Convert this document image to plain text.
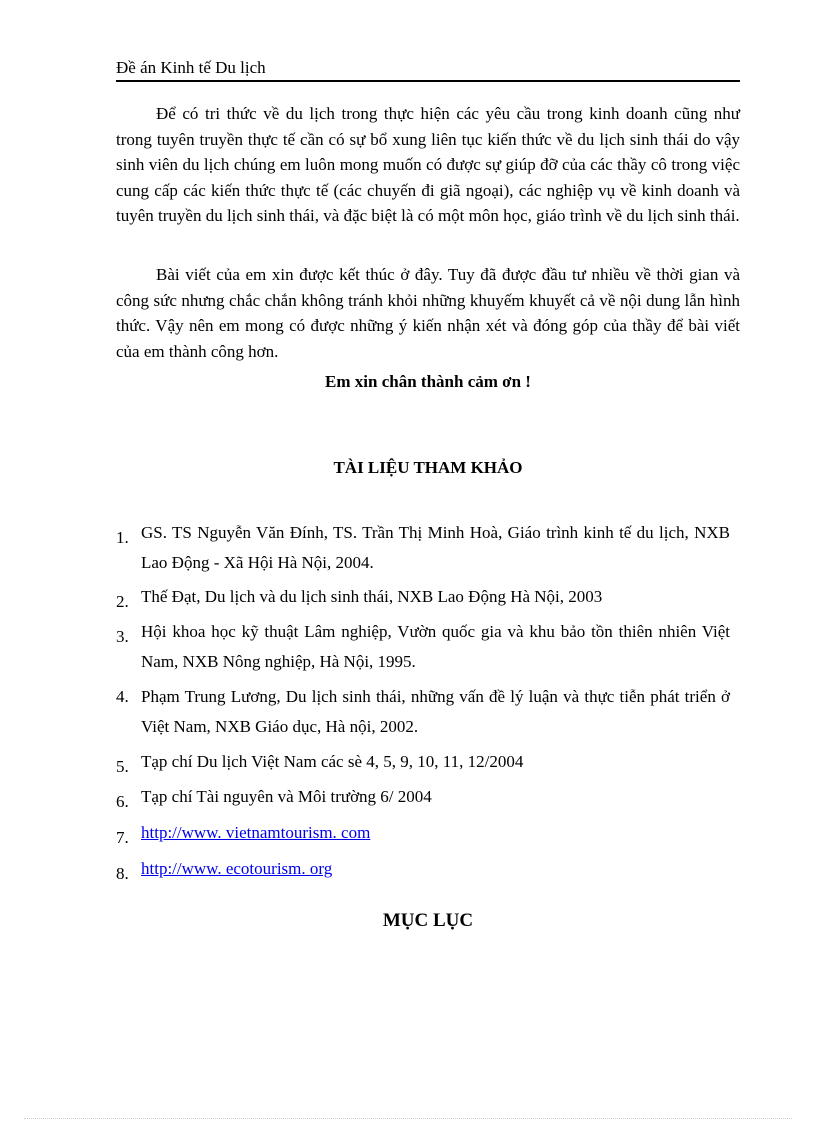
Đề án Kinh tế Du lịch

Để có tri thức về du lịch trong thực hiện các yêu cầu trong kinh doanh cũng như trong tuyên truyền thực tế cần có sự bổ xung liên tục kiến thức về du lịch sinh thái do vậy sinh viên du lịch chúng em luôn mong muốn có được sự giúp đỡ của các thầy cô trong việc cung cấp các kiến thức thực tế (các chuyến đi giã ngoại), các nghiệp vụ về kinh doanh và tuyên truyền du lịch sinh thái, và đặc biệt là có một môn học, giáo trình về du lịch sinh thái.

Bài viết của em xin được kết thúc ở đây. Tuy đã được đầu tư nhiều về thời gian và công sức nhưng chắc chắn không tránh khỏi những khuyếm khuyết cả về nội dung lẫn hình thức. Vậy nên em mong có được những ý kiến nhận xét và đóng góp của thầy để bài viết của em thành công hơn.

Em xin chân thành cảm ơn !
TÀI LIỆU THAM KHẢO
1. GS. TS Nguyễn Văn Đính, TS. Trần Thị Minh Hoà, Giáo trình kinh tế du lịch, NXB Lao Động - Xã Hội Hà Nội, 2004.
2. Thế Đạt, Du lịch và du lịch sinh thái, NXB Lao Động Hà Nội, 2003
3. Hội khoa học kỹ thuật Lâm nghiệp, Vườn quốc gia và khu bảo tồn thiên nhiên Việt Nam, NXB Nông nghiệp, Hà Nội, 1995.
4. Phạm Trung Lương, Du lịch sinh thái, những vấn đề lý luận và thực tiễn phát triển ở Việt Nam, NXB Giáo dục, Hà nội, 2002.
5. Tạp chí Du lịch Việt Nam các sè 4, 5, 9, 10, 11, 12/2004
6. Tạp chí Tài nguyên và Môi trường 6/ 2004
7. http://www. vietnamtourism. com
8. http://www. ecotourism. org
MỤC LỤC
